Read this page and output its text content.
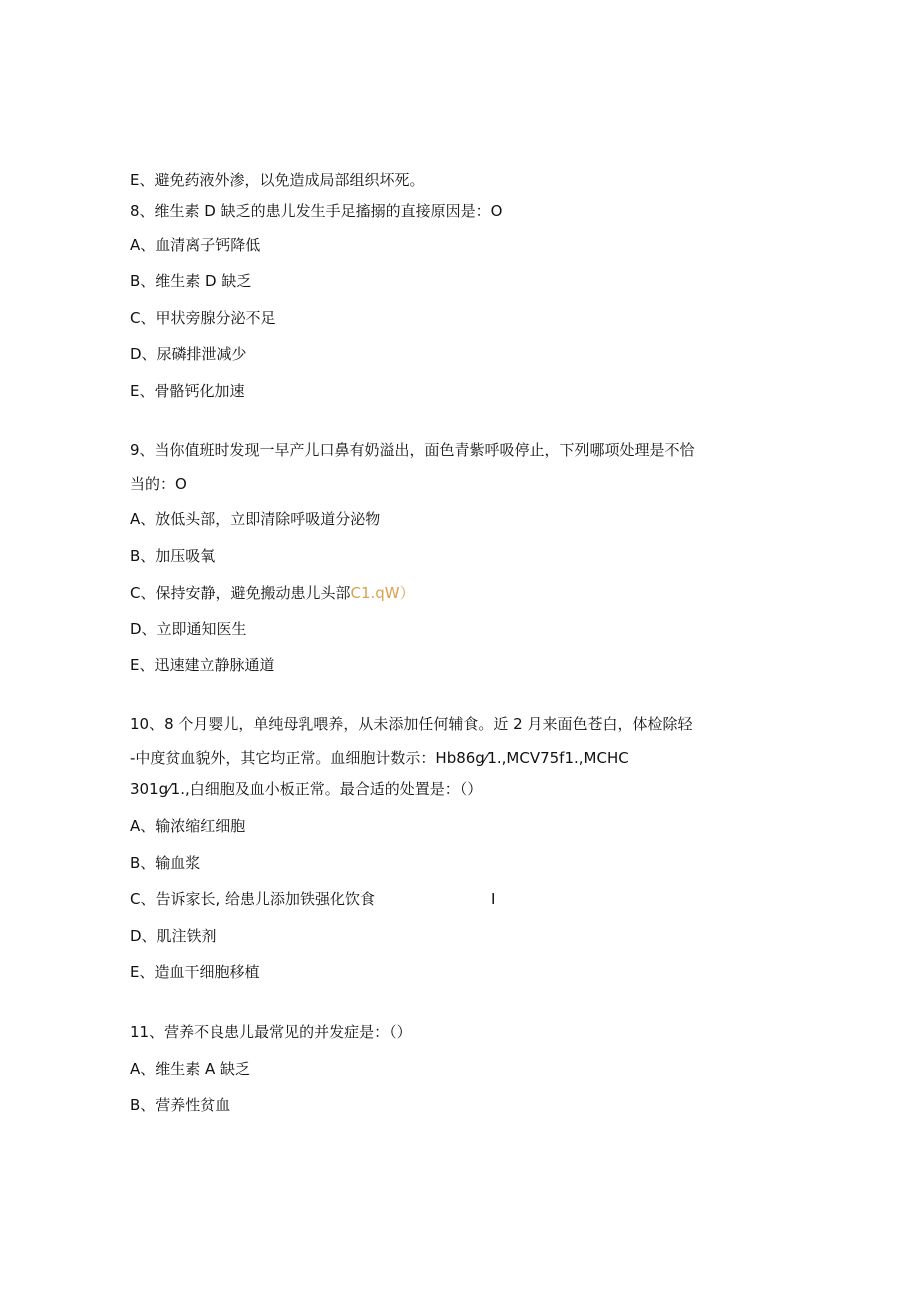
E、避免药液外渗，以免造成局部组织坏死。
8、维生素 D 缺乏的患儿发生手足搐搦的直接原因是：O
A、血清离子钙降低
B、维生素 D 缺乏
C、甲状旁腺分泌不足
D、尿磷排泄减少
E、骨骼钙化加速
9、当你值班时发现一早产儿口鼻有奶溢出，面色青紫呼吸停止，下列哪项处理是不恰
当的：O
A、放低头部，立即清除呼吸道分泌物
B、加压吸氧
C、保持安静，避免搬动患儿头部C1.qW）
D、立即通知医生
E、迅速建立静脉通道
10、8 个月婴儿，单纯母乳喂养，从未添加任何辅食。近 2 月来面色苍白，体检除轻
-中度贫血貌外，其它均正常。血细胞计数示：Hb86g⁄1.,MCV75f1.,MCHC
301g⁄1.,白细胞及血小板正常。最合适的处置是：（）
A、输浓缩红细胞
B、输血浆
C、告诉家长, 给患儿添加铁强化饮食	I
D、肌注铁剂
E、造血干细胞移植
11、营养不良患儿最常见的并发症是：（）
A、维生素 A 缺乏
B、营养性贫血
